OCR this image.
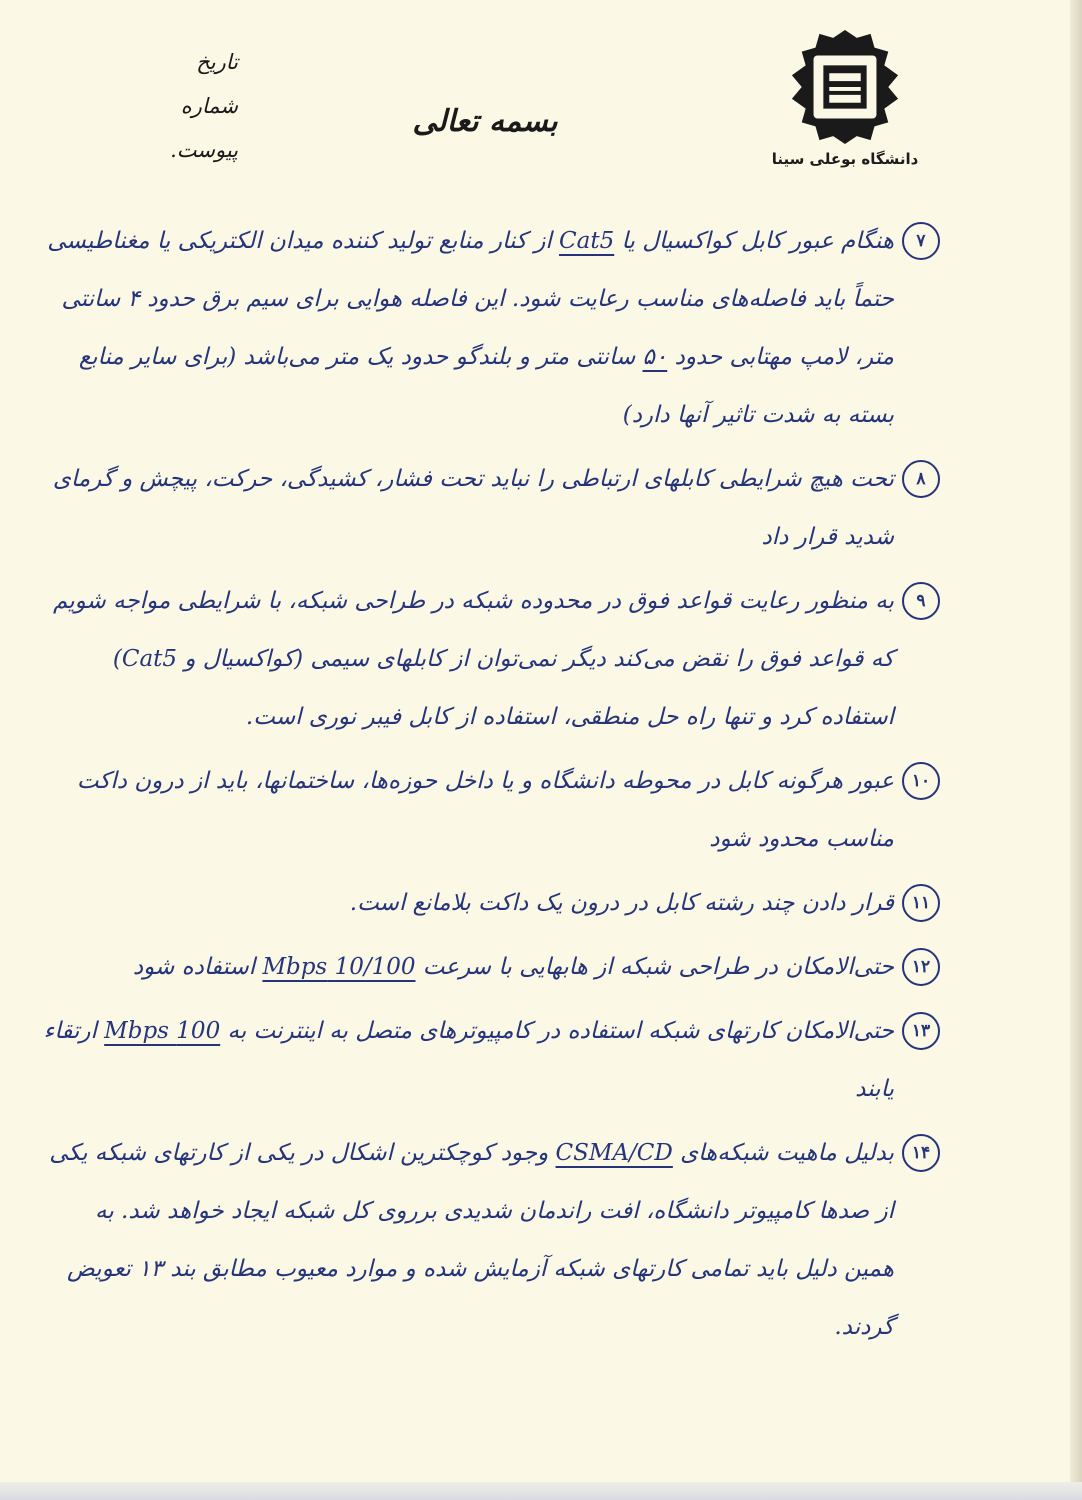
دانشگاه بوعلی سینا
بسمه تعالی
تاریخ
شماره
پیوست.
۷
هنگام عبور کابل کواکسیال یا Cat5 از کنار منابع تولید کننده میدان الکتریکی یا مغناطیسی حتماً باید فاصله‌های مناسب رعایت شود. این فاصله هوایی برای سیم برق حدود ۴ سانتی متر، لامپ مهتابی حدود ۵۰ سانتی متر و بلندگو حدود یک متر می‌باشد (برای سایر منابع بسته به شدت تاثیر آنها دارد)
۸
تحت هیچ شرایطی کابلهای ارتباطی را نباید تحت فشار، کشیدگی، حرکت، پیچش و گرمای شدید قرار داد
۹
به منظور رعایت قواعد فوق در محدوده شبکه در طراحی شبکه، با شرایطی مواجه شویم که قواعد فوق را نقض می‌کند دیگر نمی‌توان از کابلهای سیمی (کواکسیال و Cat5) استفاده کرد و تنها راه حل منطقی، استفاده از کابل فیبر نوری است.
۱۰
عبور هرگونه کابل در محوطه دانشگاه و یا داخل حوزه‌ها، ساختمانها، باید از درون داکت مناسب محدود شود
۱۱
قرار دادن چند رشته کابل در درون یک داکت بلامانع است.
۱۲
حتی‌الامکان در طراحی شبکه از هابهایی با سرعت 10/100 Mbps استفاده شود
۱۳
حتی‌الامکان کارتهای شبکه استفاده در کامپیوترهای متصل به اینترنت به 100 Mbps ارتقاء یابند
۱۴
بدلیل ماهیت شبکه‌های CSMA/CD وجود کوچکترین اشکال در یکی از کارتهای شبکه یکی از صدها کامپیوتر دانشگاه، افت راندمان شدیدی برروی کل شبکه ایجاد خواهد شد. به همین دلیل باید تمامی کارتهای شبکه آزمایش شده و موارد معیوب مطابق بند ۱۳ تعویض گردند.
